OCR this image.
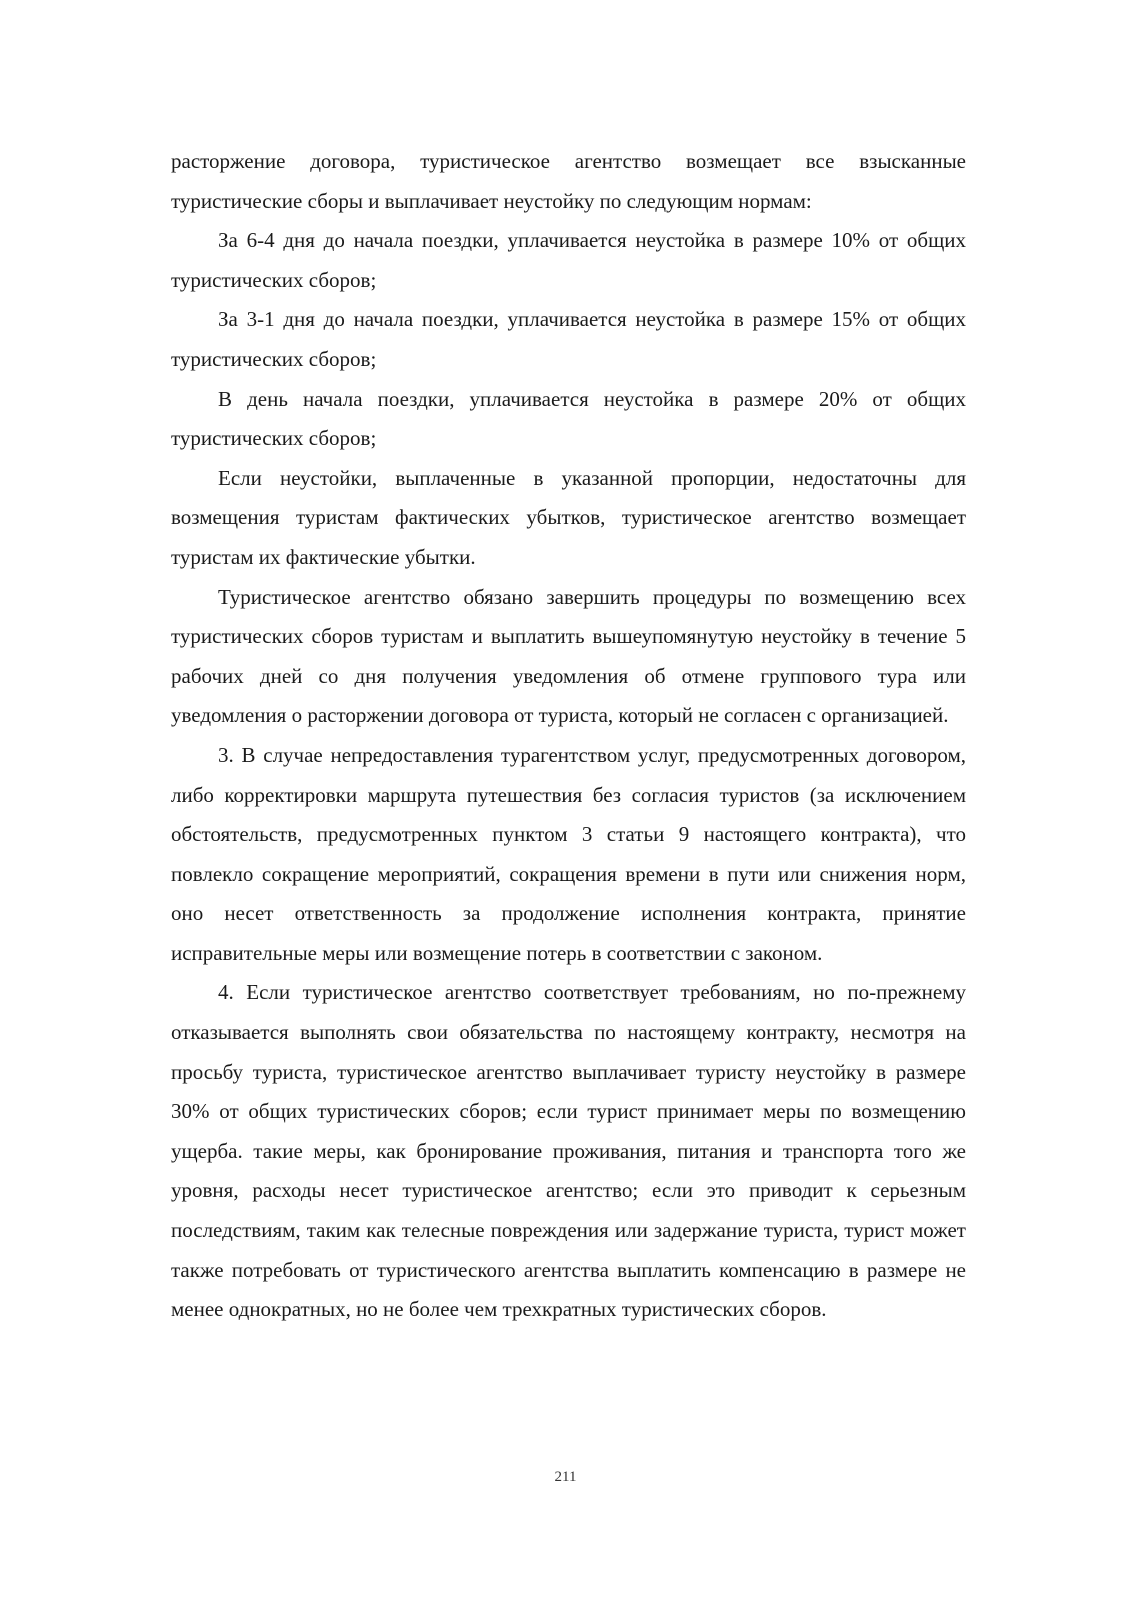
расторжение договора, туристическое агентство возмещает все взысканные туристические сборы и выплачивает неустойку по следующим нормам:

За 6-4 дня до начала поездки, уплачивается неустойка в размере 10% от общих туристических сборов;

За 3-1 дня до начала поездки, уплачивается неустойка в размере 15% от общих туристических сборов;

В день начала поездки, уплачивается неустойка в размере 20% от общих туристических сборов;

Если неустойки, выплаченные в указанной пропорции, недостаточны для возмещения туристам фактических убытков, туристическое агентство возмещает туристам их фактические убытки.

Туристическое агентство обязано завершить процедуры по возмещению всех туристических сборов туристам и выплатить вышеупомянутую неустойку в течение 5 рабочих дней со дня получения уведомления об отмене группового тура или уведомления о расторжении договора от туриста, который не согласен с организацией.

3. В случае непредоставления турагентством услуг, предусмотренных договором, либо корректировки маршрута путешествия без согласия туристов (за исключением обстоятельств, предусмотренных пунктом 3 статьи 9 настоящего контракта), что повлекло сокращение мероприятий, сокращения времени в пути или снижения норм, оно несет ответственность за продолжение исполнения контракта, принятие исправительные меры или возмещение потерь в соответствии с законом.

4. Если туристическое агентство соответствует требованиям, но по-прежнему отказывается выполнять свои обязательства по настоящему контракту, несмотря на просьбу туриста, туристическое агентство выплачивает туристу неустойку в размере 30% от общих туристических сборов; если турист принимает меры по возмещению ущерба. такие меры, как бронирование проживания, питания и транспорта того же уровня, расходы несет туристическое агентство; если это приводит к серьезным последствиям, таким как телесные повреждения или задержание туриста, турист может также потребовать от туристического агентства выплатить компенсацию в размере не менее однократных, но не более чем трехкратных туристических сборов.

211
